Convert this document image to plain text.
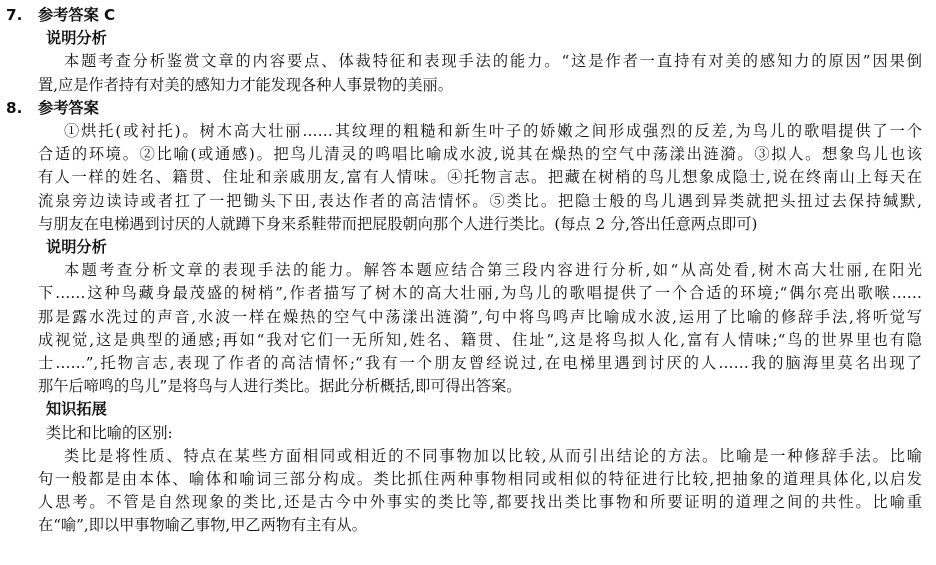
7. 参考答案 C
说明分析
本题考查分析鉴赏文章的内容要点、体裁特征和表现手法的能力。“这是作者一直持有对美的感知力的原因”因果倒
置,应是作者持有对美的感知力才能发现各种人事景物的美丽。
8. 参考答案
①烘托(或衬托)。树木高大壮丽……其纹理的粗糙和新生叶子的娇嫩之间形成强烈的反差,为鸟儿的歌唱提供了一个
合适的环境。②比喻(或通感)。把鸟儿清灵的鸣唱比喻成水波,说其在燥热的空气中荡漾出涟漪。③拟人。想象鸟儿也该
有人一样的姓名、籍贯、住址和亲戚朋友,富有人情味。④托物言志。把藏在树梢的鸟儿想象成隐士,说在终南山上每天在
流泉旁边读诗或者扛了一把锄头下田,表达作者的高洁情怀。⑤类比。把隐士般的鸟儿遇到异类就把头扭过去保持缄默,
与朋友在电梯遇到讨厌的人就蹲下身来系鞋带而把屁股朝向那个人进行类比。(每点 2 分,答出任意两点即可)
说明分析
本题考查分析文章的表现手法的能力。解答本题应结合第三段内容进行分析,如“从高处看,树木高大壮丽,在阳光
下……这种鸟藏身最茂盛的树梢”,作者描写了树木的高大壮丽,为鸟儿的歌唱提供了一个合适的环境;“偶尔亮出歌喉……
那是露水洗过的声音,水波一样在燥热的空气中荡漾出涟漪”,句中将鸟鸣声比喻成水波,运用了比喻的修辞手法,将听觉写
成视觉,这是典型的通感;再如“我对它们一无所知,姓名、籍贯、住址”,这是将鸟拟人化,富有人情味;“鸟的世界里也有隐
士……”,托物言志,表现了作者的高洁情怀;“我有一个朋友曾经说过,在电梯里遇到讨厌的人……我的脑海里莫名出现了
那午后啼鸣的鸟儿”是将鸟与人进行类比。据此分析概括,即可得出答案。
知识拓展
类比和比喻的区别:
类比是将性质、特点在某些方面相同或相近的不同事物加以比较,从而引出结论的方法。比喻是一种修辞手法。比喻
句一般都是由本体、喻体和喻词三部分构成。类比抓住两种事物相同或相似的特征进行比较,把抽象的道理具体化,以启发
人思考。不管是自然现象的类比,还是古今中外事实的类比等,都要找出类比事物和所要证明的道理之间的共性。比喻重
在“喻”,即以甲事物喻乙事物,甲乙两物有主有从。
